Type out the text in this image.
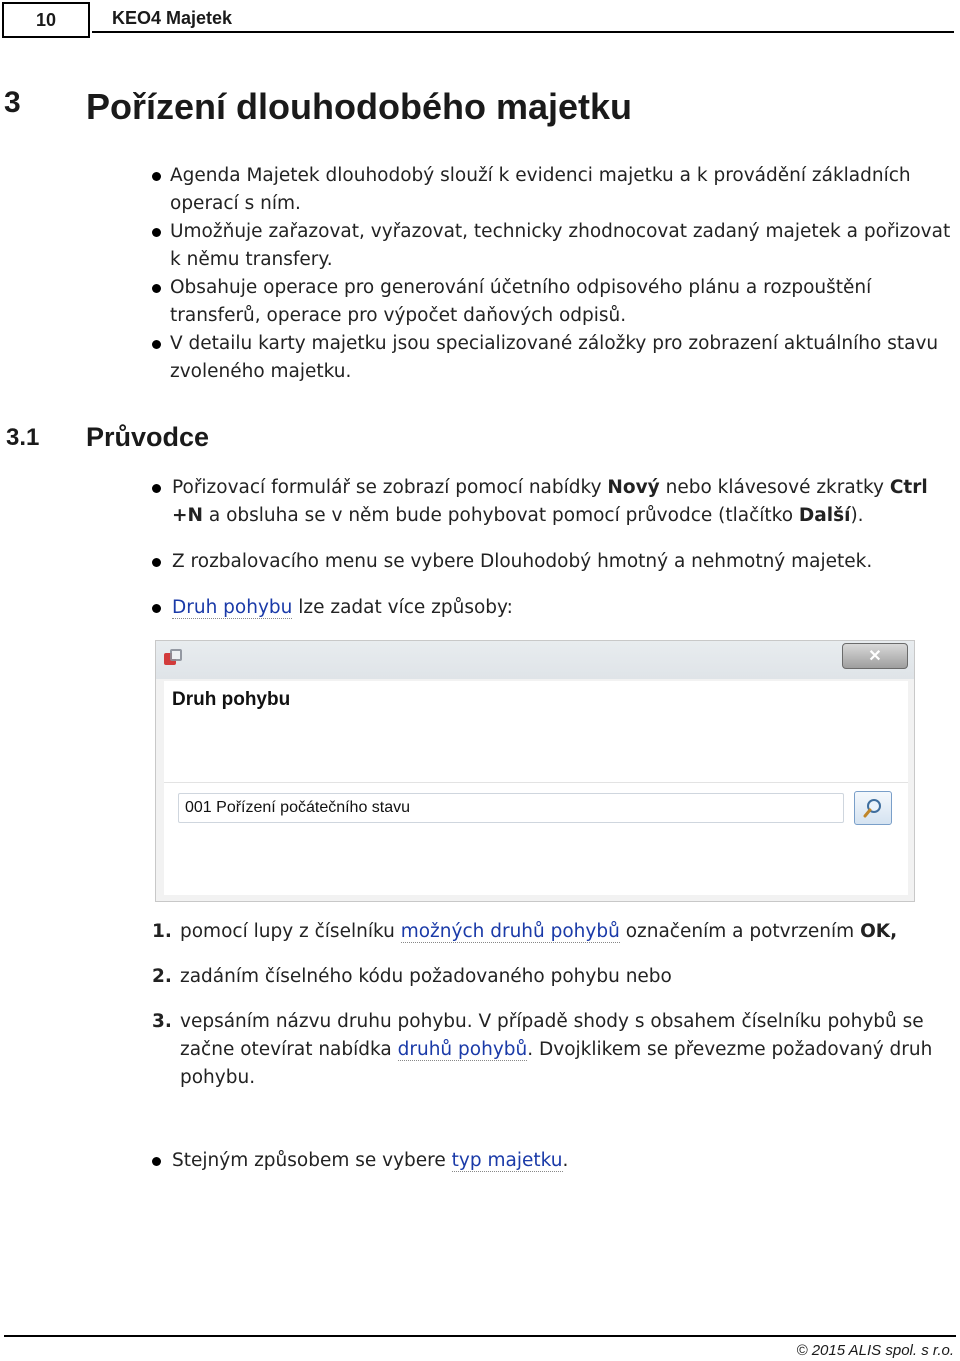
10	KEO4 Majetek
3 Pořízení dlouhodobého majetku
Agenda Majetek dlouhodobý slouží k evidenci majetku a k provádění základních operací s ním.
Umožňuje zařazovat, vyřazovat, technicky zhodnocovat zadaný majetek a pořizovat k němu transfery.
Obsahuje operace pro generování účetního odpisového plánu a rozpouštění transferů, operace pro výpočet daňových odpisů.
V detailu karty majetku jsou specializované záložky pro zobrazení aktuálního stavu zvoleného majetku.
3.1 Průvodce
Pořizovací formulář se zobrazí pomocí nabídky Nový nebo klávesové zkratky Ctrl +N a obsluha se v něm bude pohybovat pomocí průvodce (tlačítko Další).
Z rozbalovacího menu se vybere Dlouhodobý hmotný a nehmotný majetek.
Druh pohybu lze zadat více způsoby:
✕
Druh pohybu
001 Pořízení počátečního stavu
1. pomocí lupy z číselníku možných druhů pohybů označením a potvrzením OK,
2. zadáním číselného kódu požadovaného pohybu nebo
3. vepsáním názvu druhu pohybu. V případě shody s obsahem číselníku pohybů se začne otevírat nabídka druhů pohybů. Dvojklikem se převezme požadovaný druh pohybu.
Stejným způsobem se vybere typ majetku.
© 2015 ALIS spol. s r.o.
